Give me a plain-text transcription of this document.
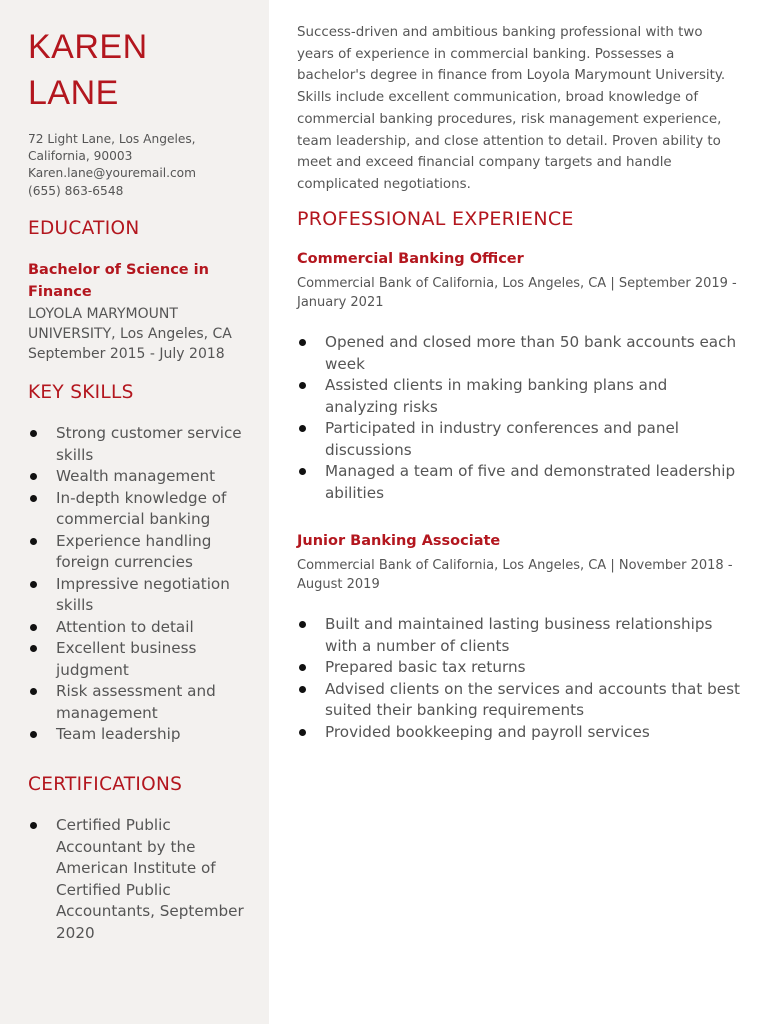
KAREN
LANE
72 Light Lane, Los Angeles,
California, 90003
Karen.lane@youremail.com
(655) 863-6548
EDUCATION
Bachelor of Science in Finance
LOYOLA MARYMOUNT
UNIVERSITY, Los Angeles, CA
September 2015 - July 2018
KEY SKILLS
Strong customer service skills
Wealth management
In-depth knowledge of commercial banking
Experience handling foreign currencies
Impressive negotiation skills
Attention to detail
Excellent business judgment
Risk assessment and management
Team leadership
CERTIFICATIONS
Certified Public Accountant by the American Institute of Certified Public Accountants, September 2020
Success-driven and ambitious banking professional with two years of experience in commercial banking. Possesses a bachelor's degree in finance from Loyola Marymount University. Skills include excellent communication, broad knowledge of commercial banking procedures, risk management experience, team leadership, and close attention to detail. Proven ability to meet and exceed financial company targets and handle complicated negotiations.
PROFESSIONAL EXPERIENCE
Commercial Banking Officer
Commercial Bank of California, Los Angeles, CA | September 2019 - January 2021
Opened and closed more than 50 bank accounts each week
Assisted clients in making banking plans and analyzing risks
Participated in industry conferences and panel discussions
Managed a team of five and demonstrated leadership abilities
Junior Banking Associate
Commercial Bank of California, Los Angeles, CA | November 2018 - August 2019
Built and maintained lasting business relationships with a number of clients
Prepared basic tax returns
Advised clients on the services and accounts that best suited their banking requirements
Provided bookkeeping and payroll services
